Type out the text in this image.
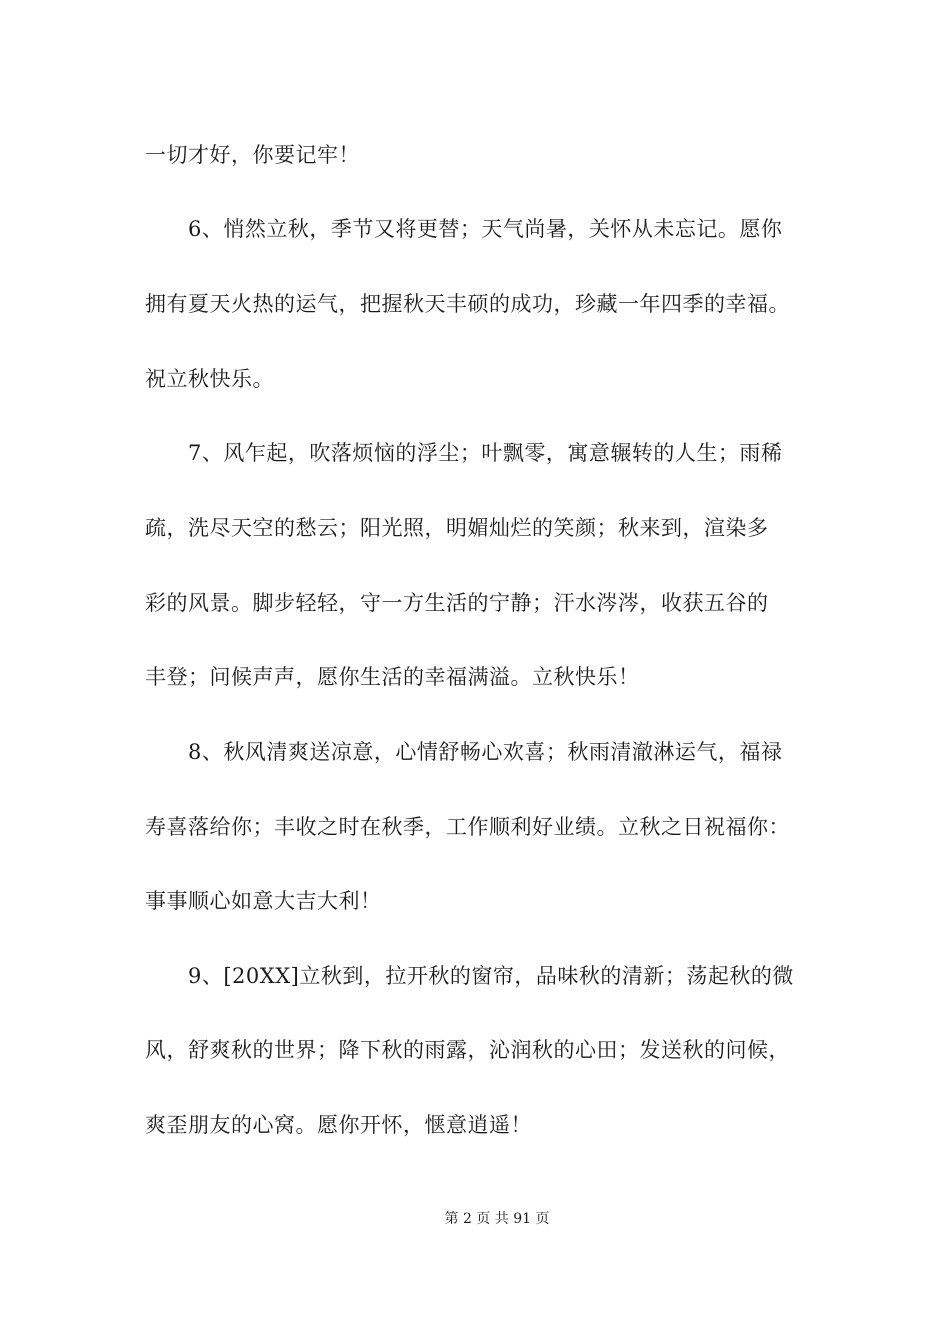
一切才好，你要记牢！
6、悄然立秋，季节又将更替；天气尚暑，关怀从未忘记。愿你
拥有夏天火热的运气，把握秋天丰硕的成功，珍藏一年四季的幸福。
祝立秋快乐。
7、风乍起，吹落烦恼的浮尘；叶飘零，寓意辗转的人生；雨稀
疏，洗尽天空的愁云；阳光照，明媚灿烂的笑颜；秋来到，渲染多
彩的风景。脚步轻轻，守一方生活的宁静；汗水涔涔，收获五谷的
丰登；问候声声，愿你生活的幸福满溢。立秋快乐！
8、秋风清爽送凉意，心情舒畅心欢喜；秋雨清澈淋运气，福禄
寿喜落给你；丰收之时在秋季，工作顺利好业绩。立秋之日祝福你：
事事顺心如意大吉大利！
9、[20XX]立秋到，拉开秋的窗帘，品味秋的清新；荡起秋的微
风，舒爽秋的世界；降下秋的雨露，沁润秋的心田；发送秋的问候，
爽歪朋友的心窝。愿你开怀，惬意逍遥！
第 2 页 共 91 页
